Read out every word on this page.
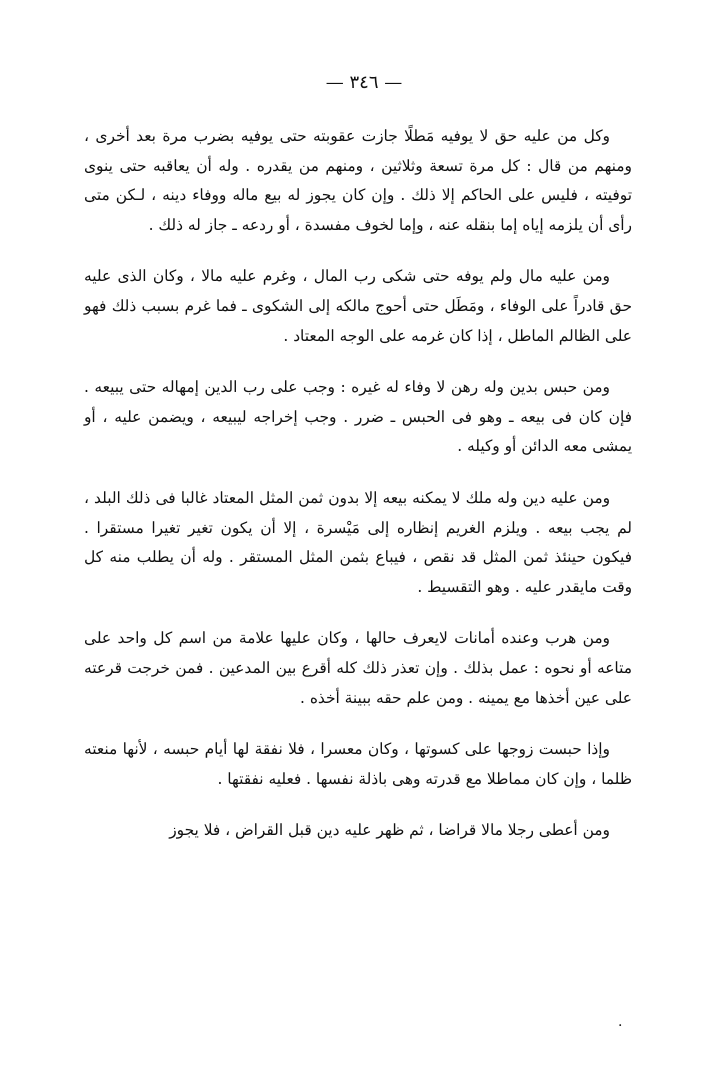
— ٣٤٦ —

وكل من عليه حق لا يوفيه مَطلًا جازت عقوبته حتى يوفيه بضرب مرة بعد أخرى ، ومنهم من قال : كل مرة تسعة وثلاثين ، ومنهم من يقدره . وله أن يعاقبه حتى ينوى توفيته ، فليس على الحاكم إلا ذلك . وإن كان يجوز له بيع ماله ووفاء دينه ، لـكن متى رأى أن يلزمه إياه إما بنقله عنه ، وإما لخوف مفسدة ، أو ردعه ـ جاز له ذلك .

ومن عليه مال ولم يوفه حتى شكى رب المال ، وغرم عليه مالا ، وكان الذى عليه حق قادراً على الوفاء ، ومَطَل حتى أحوج مالكه إلى الشكوى ـ فما غرم بسبب ذلك فهو على الظالم الماطل ، إذا كان غرمه على الوجه المعتاد .

ومن حبس بدين وله رهن لا وفاء له غيره : وجب على رب الدين إمهاله حتى يبيعه . فإن كان فى بيعه ـ وهو فى الحبس ـ ضرر . وجب إخراجه ليبيعه ، ويضمن عليه ، أو يمشى معه الدائن أو وكيله .

ومن عليه دين وله ملك لا يمكنه بيعه إلا بدون ثمن المثل المعتاد غالبا فى ذلك البلد ، لم يجب بيعه . ويلزم الغريم إنظاره إلى مَيْسرة ، إلا أن يكون تغير تغيرا مستقرا . فيكون حينئذ ثمن المثل قد نقص ، فيباع بثمن المثل المستقر . وله أن يطلب منه كل وقت مايقدر عليه . وهو التقسيط .

ومن هرب وعنده أمانات لايعرف حالها ، وكان عليها علامة من اسم كل واحد على متاعه أو نحوه : عمل بذلك . وإن تعذر ذلك كله أقرع بين المدعين . فمن خرجت قرعته على عين أخذها مع يمينه . ومن علم حقه ببينة أخذه .

وإذا حبست زوجها على كسوتها ، وكان معسرا ، فلا نفقة لها أيام حبسه ، لأنها منعته ظلما ، وإن كان مماطلا مع قدرته وهى باذلة نفسها . فعليه نفقتها .

ومن أعطى رجلا مالا قراضا ، ثم ظهر عليه دين قبل القراض ، فلا يجوز

·
